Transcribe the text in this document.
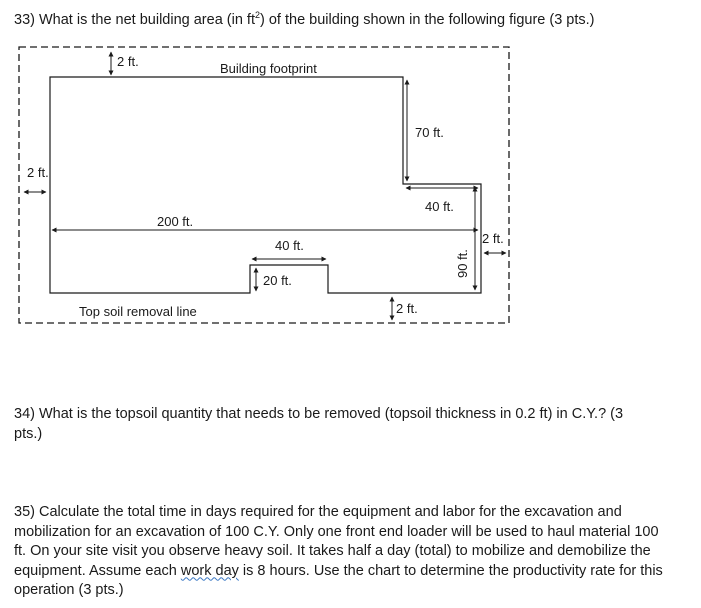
33) What is the net building area (in $ft^2$) of the building shown in the following figure (3 pts.)

2 ft.	Building footprint
70 ft.
2 ft.
40 ft.
200 ft.
2 ft.
40 ft.
90 ft.
20 ft.
Top soil removal line	2 ft.

34) What is the topsoil quantity that needs to be removed (topsoil thickness in 0.2 ft) in C.Y.? (3 pts.)

35) Calculate the total time in days required for the equipment and labor for the excavation and mobilization for an excavation of 100 C.Y. Only one front end loader will be used to haul material 100 ft. On your site visit you observe heavy soil. It takes half a day (total) to mobilize and demobilize the equipment. Assume each work day is 8 hours. Use the chart to determine the productivity rate for this operation (3 pts.)
